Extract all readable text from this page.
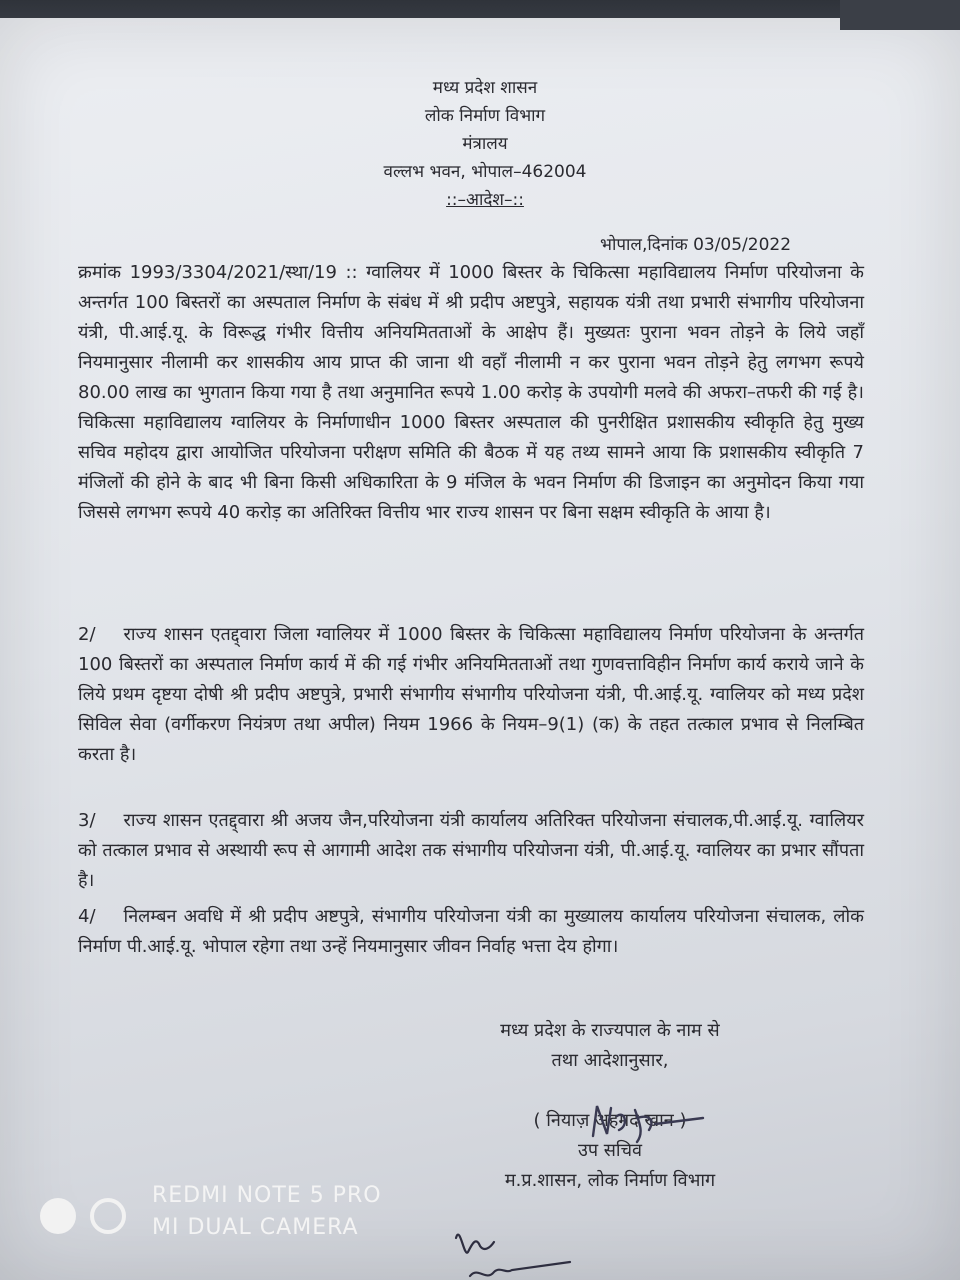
मध्य प्रदेश शासन
लोक निर्माण विभाग
मंत्रालय
वल्लभ भवन, भोपाल–462004
::–आदेश–::
भोपाल,दिनांक 03/05/2022
क्रमांक 1993/3304/2021/स्था/19 :: ग्वालियर में 1000 बिस्तर के चिकित्सा महाविद्यालय निर्माण परियोजना के अन्तर्गत 100 बिस्तरों का अस्पताल निर्माण के संबंध में श्री प्रदीप अष्टपुत्रे, सहायक यंत्री तथा प्रभारी संभागीय परियोजना यंत्री, पी.आई.यू. के विरूद्ध गंभीर वित्तीय अनियमितताओं के आक्षेप हैं। मुख्यतः पुराना भवन तोड़ने के लिये जहाँ नियमानुसार नीलामी कर शासकीय आय प्राप्त की जाना थी वहाँ नीलामी न कर पुराना भवन तोड़ने हेतु लगभग रूपये 80.00 लाख का भुगतान किया गया है तथा अनुमानित रूपये 1.00 करोड़ के उपयोगी मलवे की अफरा–तफरी की गई है। चिकित्सा महाविद्यालय ग्वालियर के निर्माणाधीन 1000 बिस्तर अस्पताल की पुनरीक्षित प्रशासकीय स्वीकृति हेतु मुख्य सचिव महोदय द्वारा आयोजित परियोजना परीक्षण समिति की बैठक में यह तथ्य सामने आया कि प्रशासकीय स्वीकृति 7 मंजिलों की होने के बाद भी बिना किसी अधिकारिता के 9 मंजिल के भवन निर्माण की डिजाइन का अनुमोदन किया गया जिससे लगभग रूपये 40 करोड़ का अतिरिक्त वित्तीय भार राज्य शासन पर बिना सक्षम स्वीकृति के आया है।
2/ राज्य शासन एतद्द्वारा जिला ग्वालियर में 1000 बिस्तर के चिकित्सा महाविद्यालय निर्माण परियोजना के अन्तर्गत 100 बिस्तरों का अस्पताल निर्माण कार्य में की गई गंभीर अनियमितताओं तथा गुणवत्ताविहीन निर्माण कार्य कराये जाने के लिये प्रथम दृष्टया दोषी श्री प्रदीप अष्टपुत्रे, प्रभारी संभागीय संभागीय परियोजना यंत्री, पी.आई.यू. ग्वालियर को मध्य प्रदेश सिविल सेवा (वर्गीकरण नियंत्रण तथा अपील) नियम 1966 के नियम–9(1) (क) के तहत तत्काल प्रभाव से निलम्बित करता है।
3/ राज्य शासन एतद्द्वारा श्री अजय जैन,परियोजना यंत्री कार्यालय अतिरिक्त परियोजना संचालक,पी.आई.यू. ग्वालियर को तत्काल प्रभाव से अस्थायी रूप से आगामी आदेश तक संभागीय परियोजना यंत्री, पी.आई.यू. ग्वालियर का प्रभार सौंपता है।
4/ निलम्बन अवधि में श्री प्रदीप अष्टपुत्रे, संभागीय परियोजना यंत्री का मुख्यालय कार्यालय परियोजना संचालक, लोक निर्माण पी.आई.यू. भोपाल रहेगा तथा उन्हें नियमानुसार जीवन निर्वाह भत्ता देय होगा।
मध्य प्रदेश के राज्यपाल के नाम से
तथा आदेशानुसार,
( नियाज़ अहमद खान )
उप सचिव
म.प्र.शासन, लोक निर्माण विभाग
REDMI NOTE 5 PRO
MI DUAL CAMERA
